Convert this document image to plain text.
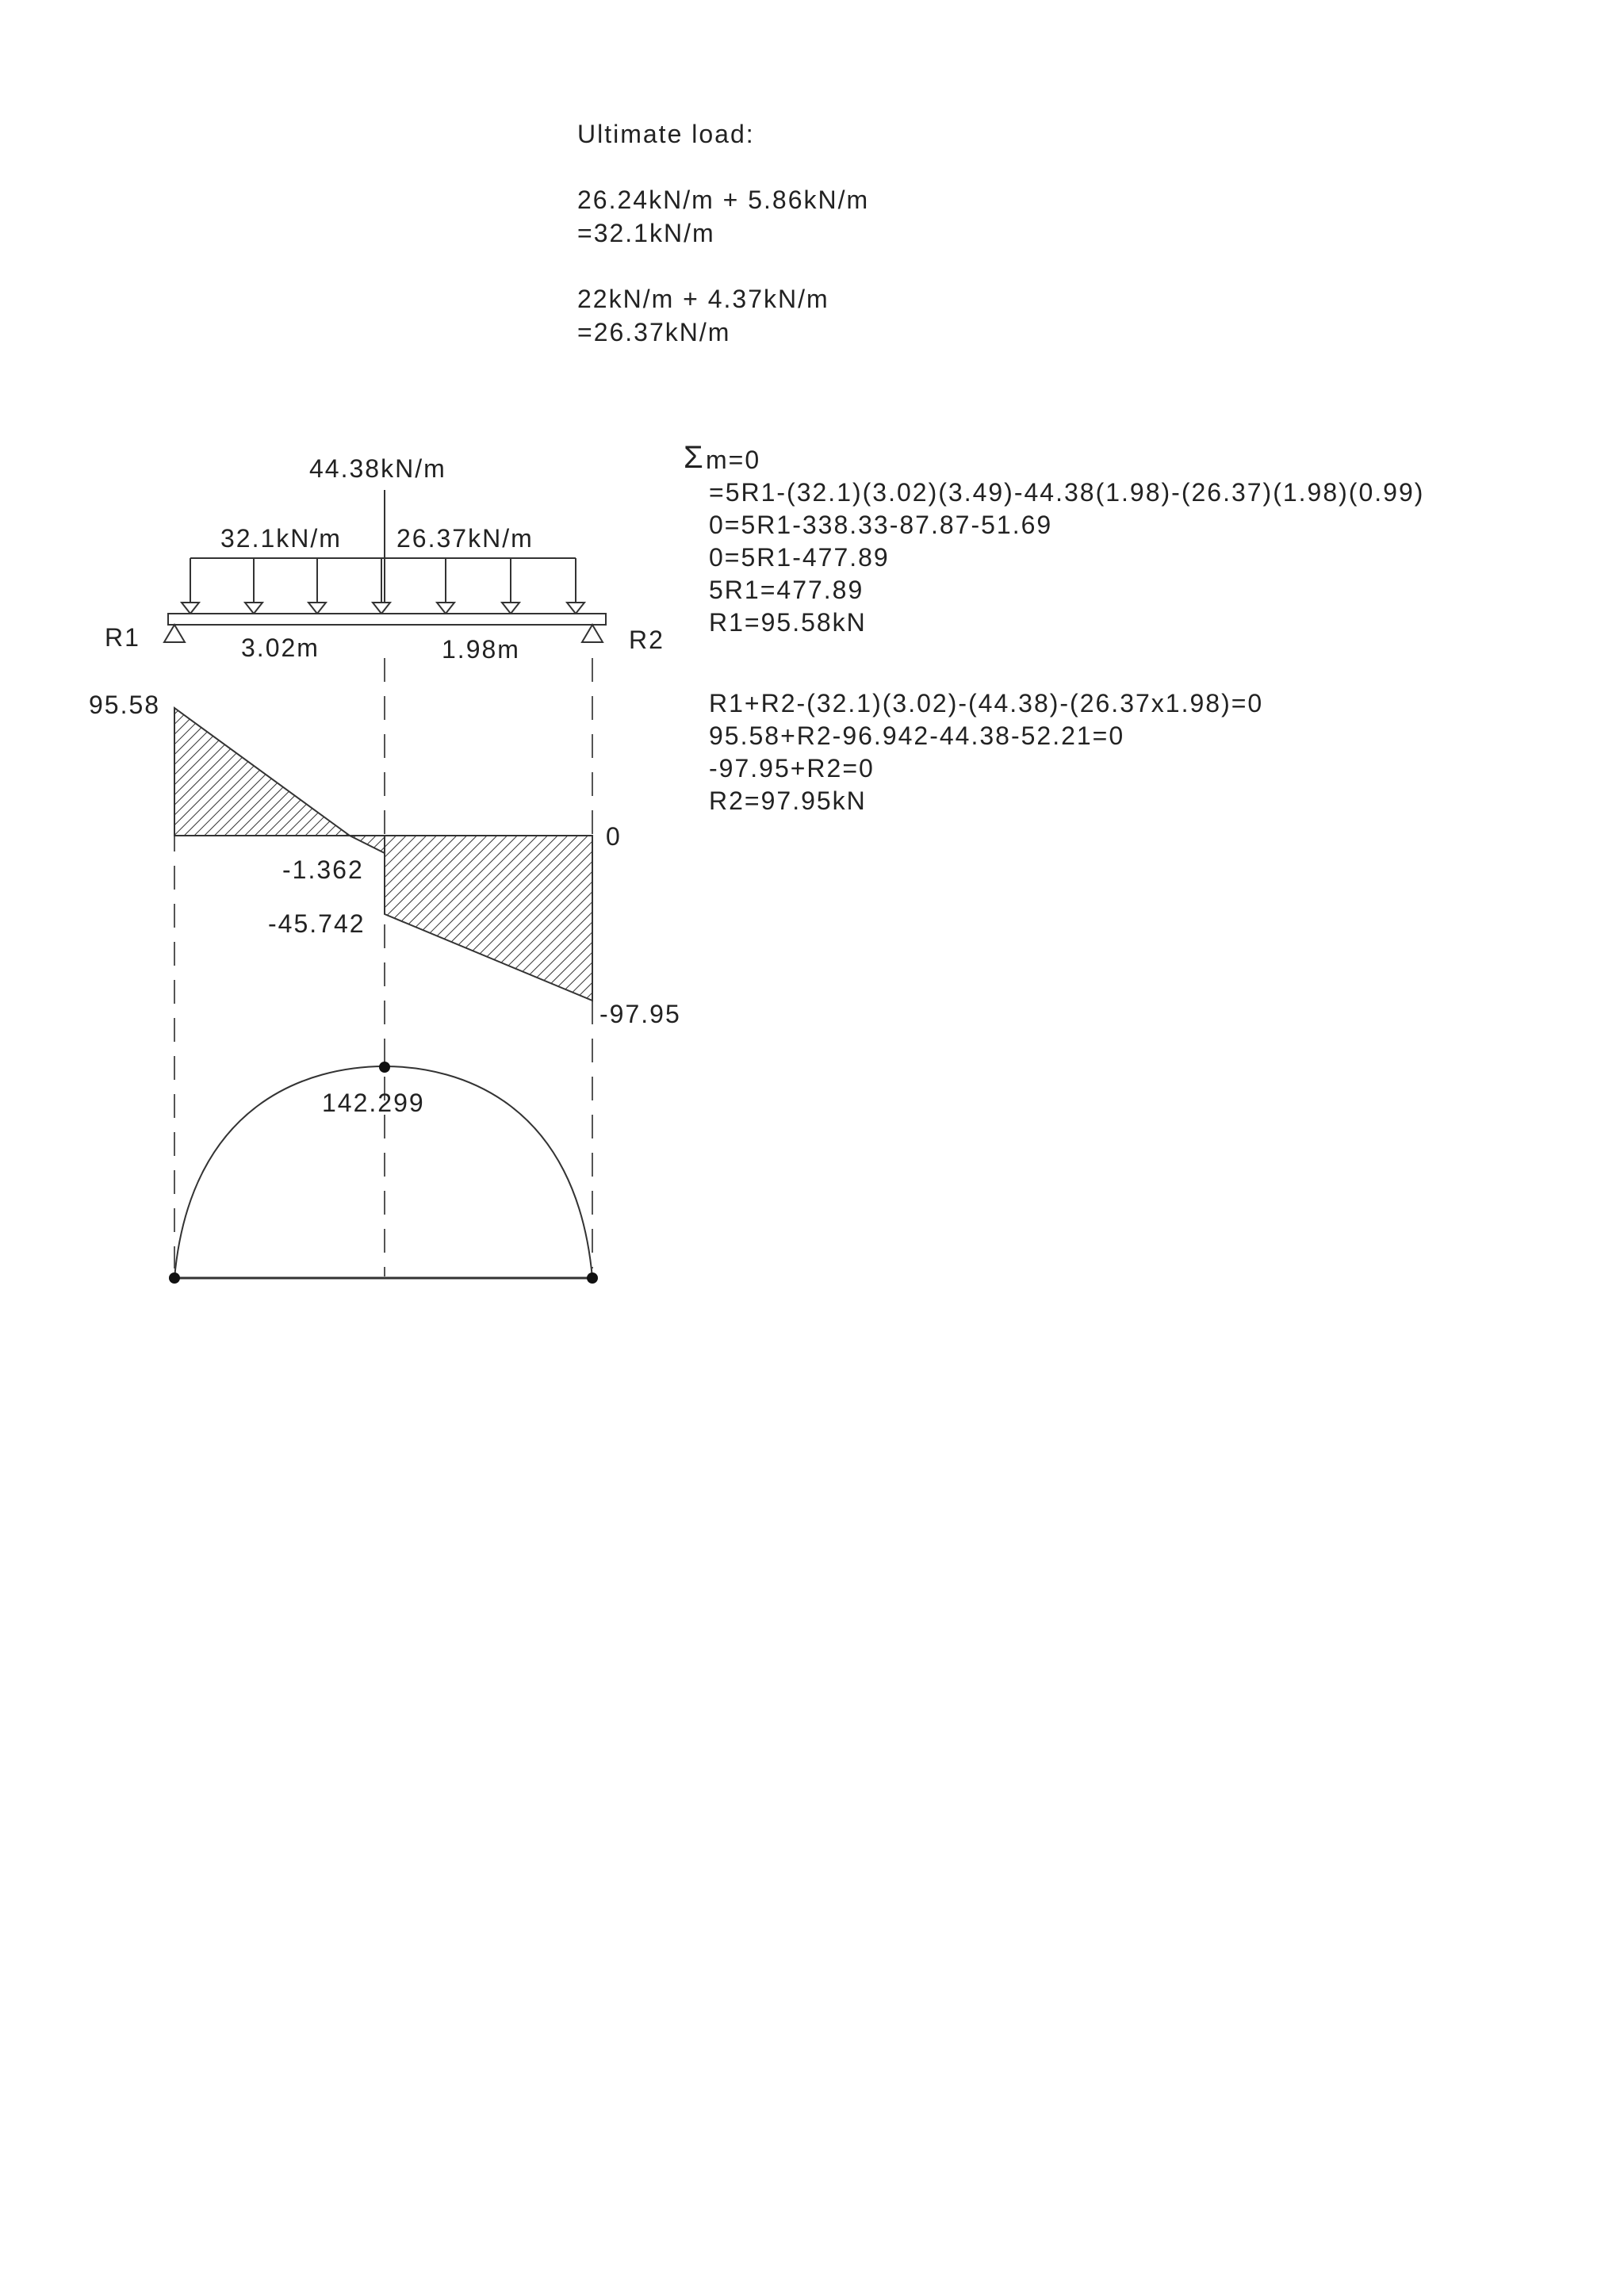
Ultimate load:
26.24kN/m + 5.86kN/m
=32.1kN/m
22kN/m + 4.37kN/m
=26.37kN/m
Σ m=0
=5R1-(32.1)(3.02)(3.49)-44.38(1.98)-(26.37)(1.98)(0.99)
0=5R1-338.33-87.87-51.69
0=5R1-477.89
5R1=477.89
R1=95.58kN
R1+R2-(32.1)(3.02)-(44.38)-(26.37x1.98)=0
95.58+R2-96.942-44.38-52.21=0
-97.95+R2=0
R2=97.95kN
44.38kN/m
32.1kN/m 26.37kN/m
R1	R2
3.02m	1.98m
95.58
0
-1.362
-45.742
-97.95
142.299
